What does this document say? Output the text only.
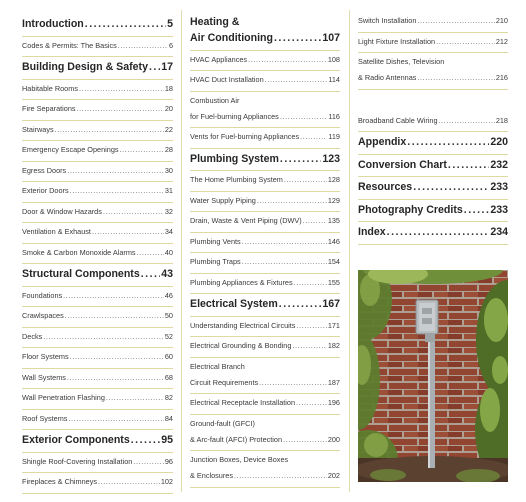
Introduction .....	5
Codes & Permits: The Basics .....	6
Building Design & Safety ..... 17
Habitable Rooms .....	18
Fire Separations .....	20
Stairways .....	22
Emergency Escape Openings .....	28
Egress Doors .....	30
Exterior Doors .....	31
Door & Window Hazards .....	32
Ventilation & Exhaust .....	34
Smoke & Carbon Monoxide Alarms .....	40
Structural Components ..... 43
Foundations .....	46
Crawlspaces .....	50
Decks .....	52
Floor Systems .....	60
Wall Systems .....	68
Wall Penetration Flashing .....	82
Roof Systems .....	84
Exterior Components .....	95
Shingle Roof-Covering Installation .....	96
Fireplaces & Chimneys .....	102
Heating &
Air Conditioning .....	107
HVAC Appliances .....	108
HVAC Duct Installation .....	114
Combustion Air
for Fuel-burning Appliances .....	116
Vents for Fuel-burning Appliances .....	119
Plumbing System .....	123
The Home Plumbing System .....	128
Water Supply Piping .....	129
Drain, Waste & Vent Piping (DWV) .....	135
Plumbing Vents .....	146
Plumbing Traps .....	154
Plumbing Appliances & Fixtures .....	155
Electrical System .....	167
Understanding Electrical Circuits .....	171
Electrical Grounding & Bonding .....	182
Electrical Branch
Circuit Requirements .....	187
Electrical Receptacle Installation .....	196
Ground-fault (GFCI)
& Arc-fault (AFCI) Protection .....	200
Junction Boxes, Device Boxes
& Enclosures .....	202
Switch Installation .....	210
Light Fixture Installation .....	212
Satellite Dishes, Television
& Radio Antennas .....	216
Broadband Cable Wiring .....	218
Appendix .....	220
Conversion Chart .....	232
Resources .....	233
Photography Credits .....	233
Index .....	234
